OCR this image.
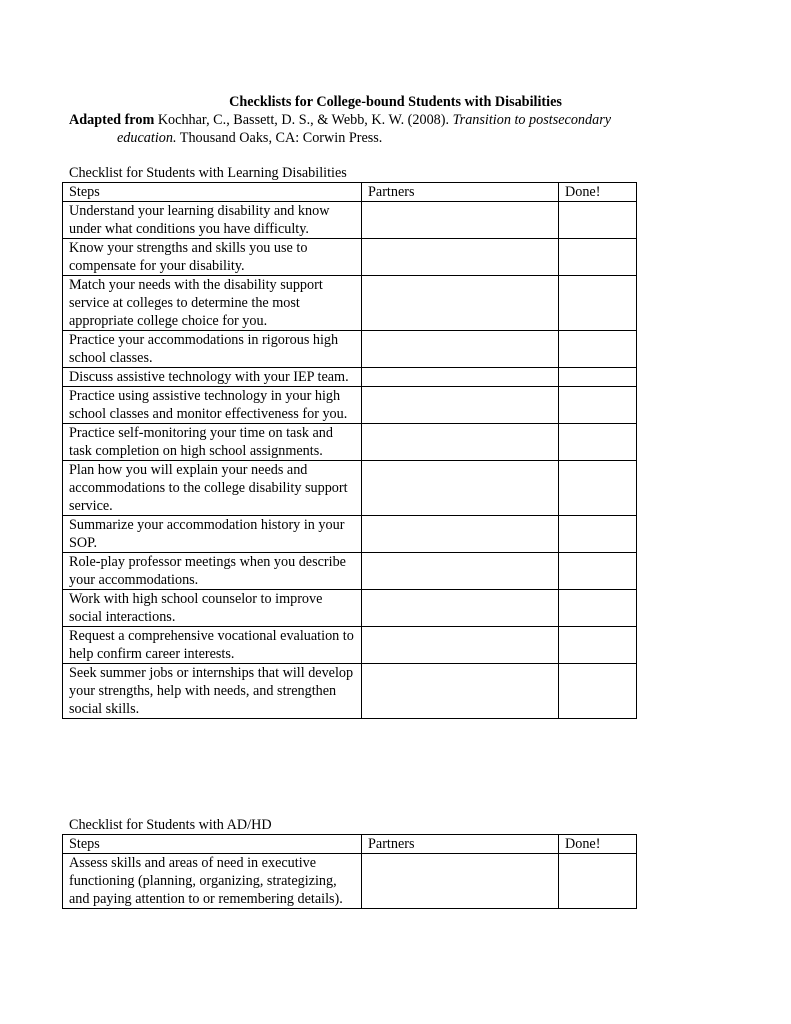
Checklists for College-bound Students with Disabilities
Adapted from Kochhar, C., Bassett, D. S., & Webb, K. W. (2008). Transition to postsecondary
education. Thousand Oaks, CA: Corwin Press.
Checklist for Students with Learning Disabilities
Steps	Partners	Done!
Understand your learning disability and know under what conditions you have difficulty.		
Know your strengths and skills you use to compensate for your disability.		
Match your needs with the disability support service at colleges to determine the most appropriate college choice for you.		
Practice your accommodations in rigorous high school classes.		
Discuss assistive technology with your IEP team.		
Practice using assistive technology in your high school classes and monitor effectiveness for you.		
Practice self-monitoring your time on task and task completion on high school assignments.		
Plan how you will explain your needs and accommodations to the college disability support service.		
Summarize your accommodation history in your SOP.		
Role-play professor meetings when you describe your accommodations.		
Work with high school counselor to improve social interactions.		
Request a comprehensive vocational evaluation to help confirm career interests.		
Seek summer jobs or internships that will develop your strengths, help with needs, and strengthen social skills.		
Checklist for Students with AD/HD
Steps	Partners	Done!
Assess skills and areas of need in executive functioning (planning, organizing, strategizing, and paying attention to or remembering details).		
